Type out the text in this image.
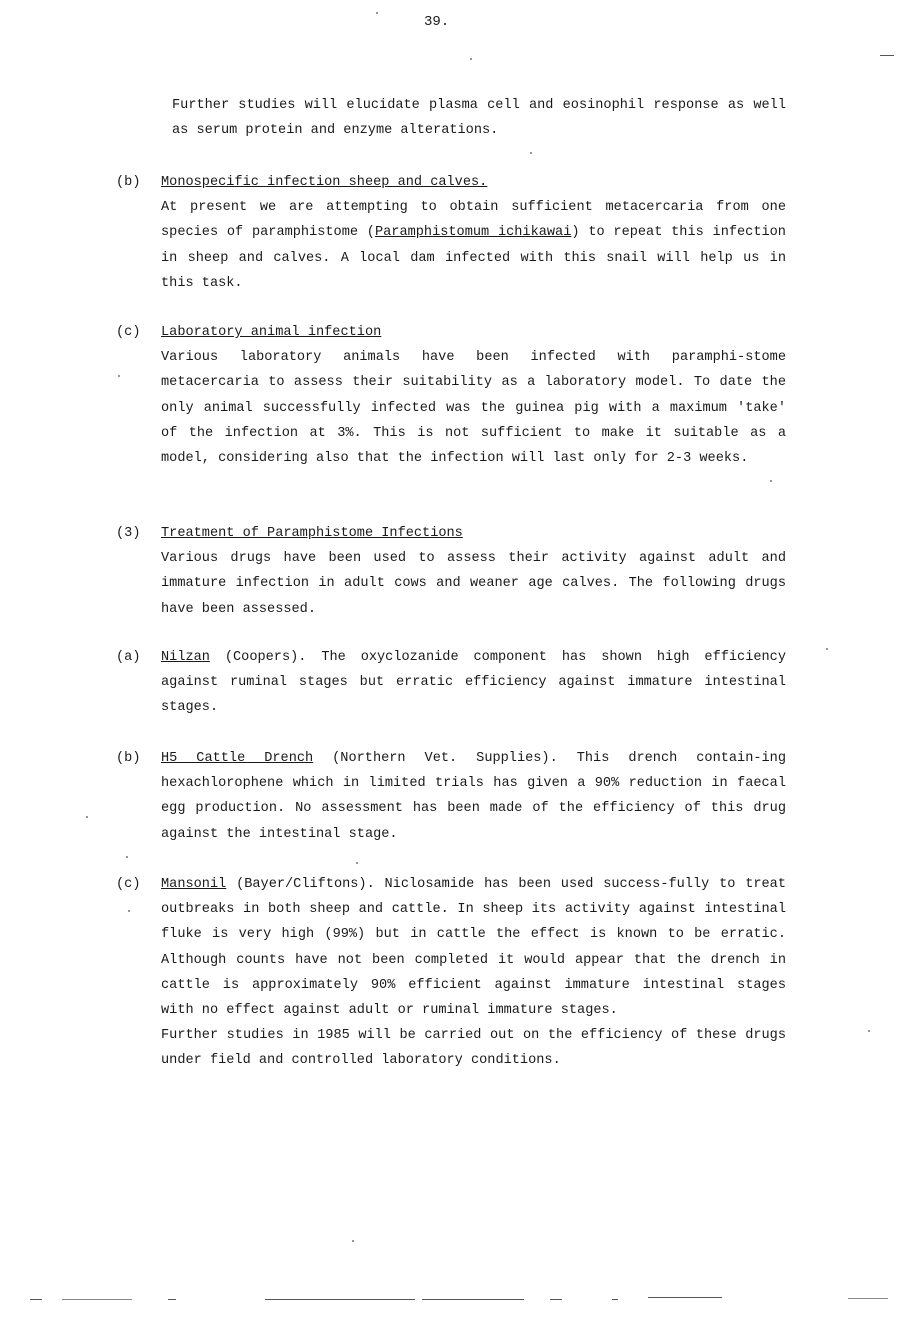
39.

Further studies will elucidate plasma cell and eosinophil response as well as serum protein and enzyme alterations.

(b) Monospecific infection sheep and calves.

At present we are attempting to obtain sufficient metacercaria from one species of paramphistome (Paramphistomum ichikawai) to repeat this infection in sheep and calves. A local dam infected with this snail will help us in this task.

(c) Laboratory animal infection

Various laboratory animals have been infected with paramphi-stome metacercaria to assess their suitability as a laboratory model. To date the only animal successfully infected was the guinea pig with a maximum 'take' of the infection at 3%. This is not sufficient to make it suitable as a model, considering also that the infection will last only for 2-3 weeks.

(3) Treatment of Paramphistome Infections

Various drugs have been used to assess their activity against adult and immature infection in adult cows and weaner age calves. The following drugs have been assessed.

(a) Nilzan (Coopers). The oxyclozanide component has shown high efficiency against ruminal stages but erratic efficiency against immature intestinal stages.

(b) H5 Cattle Drench (Northern Vet. Supplies). This drench contain-ing hexachlorophene which in limited trials has given a 90% reduction in faecal egg production. No assessment has been made of the efficiency of this drug against the intestinal stage.

(c) Mansonil (Bayer/Cliftons). Niclosamide has been used success-fully to treat outbreaks in both sheep and cattle. In sheep its activity against intestinal fluke is very high (99%) but in cattle the effect is known to be erratic. Although counts have not been completed it would appear that the drench in cattle is approximately 90% efficient against immature intestinal stages with no effect against adult or ruminal immature stages.

Further studies in 1985 will be carried out on the efficiency of these drugs under field and controlled laboratory conditions.
